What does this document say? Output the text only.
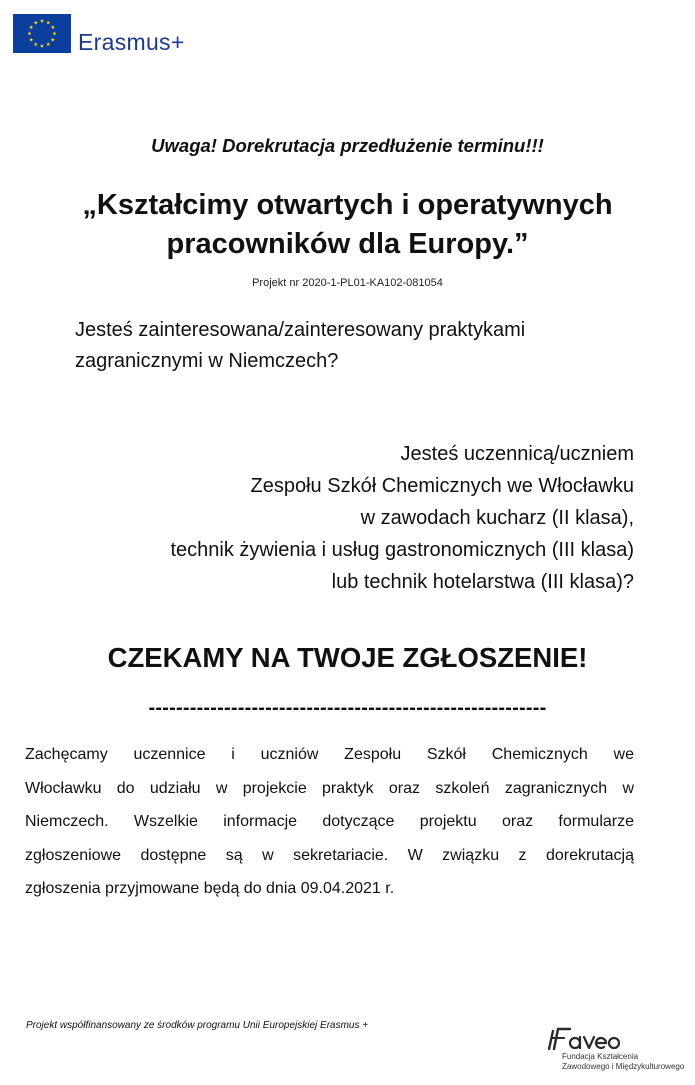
Erasmus+
Uwaga! Dorekrutacja przedłużenie terminu!!!
„Kształcimy otwartych i operatywnych
pracowników dla Europy.”
Projekt nr 2020-1-PL01-KA102-081054
Jesteś zainteresowana/zainteresowany praktykami
zagranicznymi w Niemczech?
Jesteś uczennicą/uczniem
Zespołu Szkół Chemicznych we Włocławku
w zawodach kucharz (II klasa),
technik żywienia i usług gastronomicznych (III klasa)
lub technik hotelarstwa (III klasa)?
CZEKAMY NA TWOJE ZGŁOSZENIE!
----------------------------------------------------------
Zachęcamy uczennice i uczniów Zespołu Szkół Chemicznych we
Włocławku do udziału w projekcie praktyk oraz szkoleń zagranicznych w
Niemczech. Wszelkie informacje dotyczące projektu oraz formularze
zgłoszeniowe dostępne są w sekretariacie. W związku z dorekrutacją
zgłoszenia przyjmowane będą do dnia 09.04.2021 r.
Projekt współfinansowany ze środków programu Unii Europejskiej Erasmus +
Fundacja Kształcenia
Zawodowego i Międzykulturowego
